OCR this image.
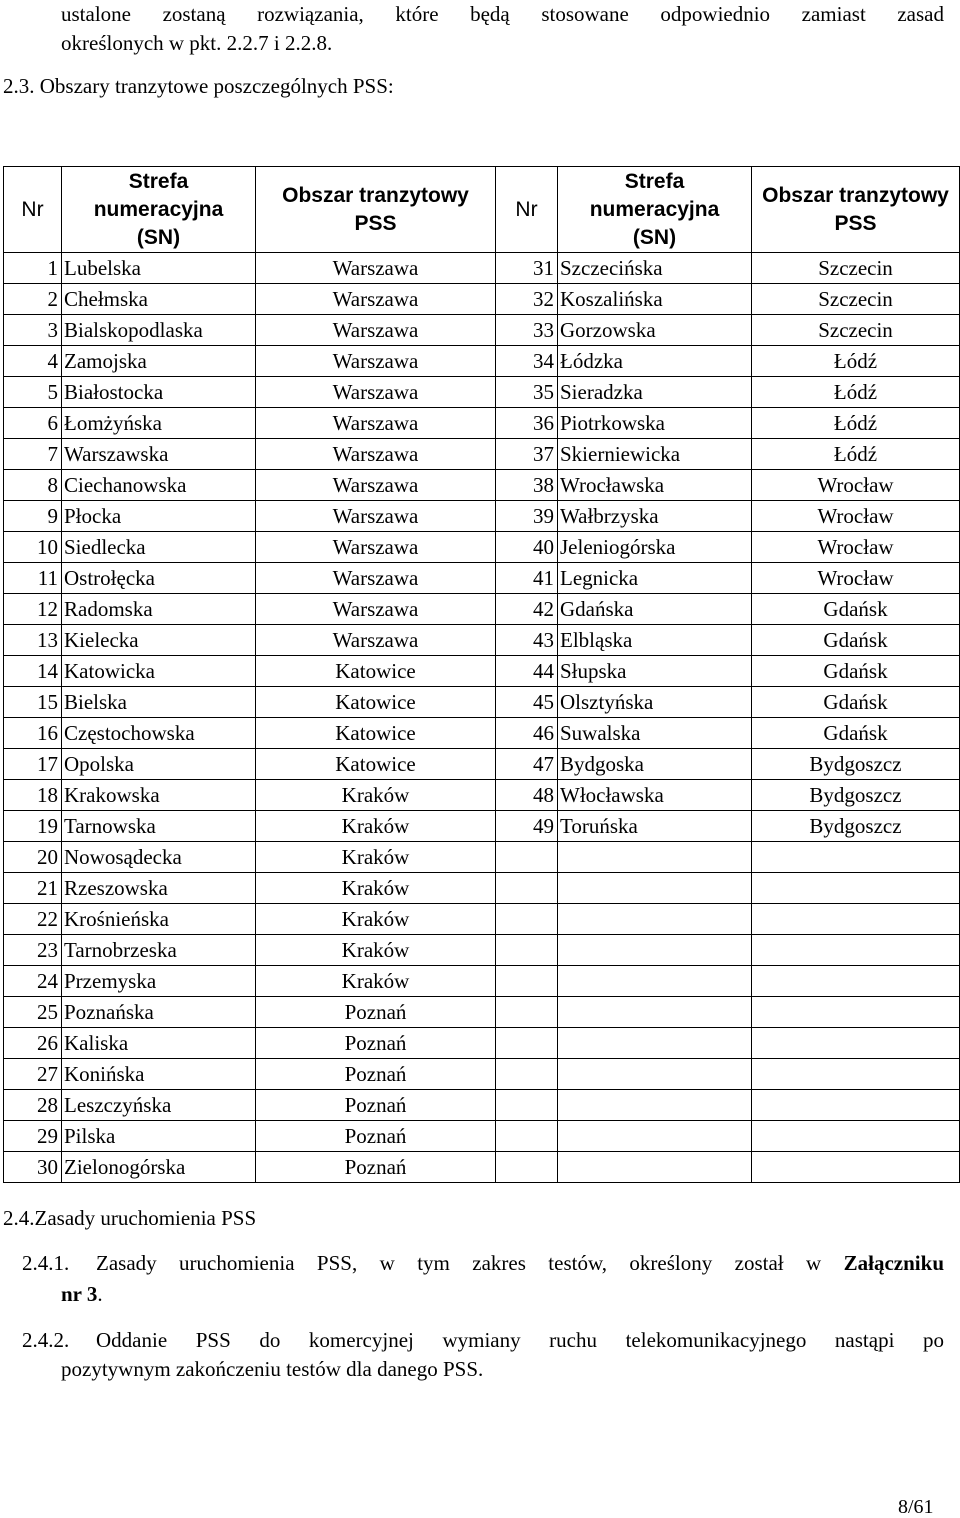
ustalone zostaną rozwiązania, które będą stosowane odpowiednio zamiast zasad
określonych w pkt. 2.2.7 i 2.2.8.
2.3. Obszary tranzytowe poszczególnych PSS:
Nr	Strefa
numeracyjna
(SN)	Obszar tranzytowy
PSS	Nr	Strefa
numeracyjna
(SN)	Obszar tranzytowy
PSS
1	Lubelska	Warszawa	31	Szczecińska	Szczecin
2	Chełmska	Warszawa	32	Koszalińska	Szczecin
3	Bialskopodlaska	Warszawa	33	Gorzowska	Szczecin
4	Zamojska	Warszawa	34	Łódzka	Łódź
5	Białostocka	Warszawa	35	Sieradzka	Łódź
6	Łomżyńska	Warszawa	36	Piotrkowska	Łódź
7	Warszawska	Warszawa	37	Skierniewicka	Łódź
8	Ciechanowska	Warszawa	38	Wrocławska	Wrocław
9	Płocka	Warszawa	39	Wałbrzyska	Wrocław
10	Siedlecka	Warszawa	40	Jeleniogórska	Wrocław
11	Ostrołęcka	Warszawa	41	Legnicka	Wrocław
12	Radomska	Warszawa	42	Gdańska	Gdańsk
13	Kielecka	Warszawa	43	Elbląska	Gdańsk
14	Katowicka	Katowice	44	Słupska	Gdańsk
15	Bielska	Katowice	45	Olsztyńska	Gdańsk
16	Częstochowska	Katowice	46	Suwalska	Gdańsk
17	Opolska	Katowice	47	Bydgoska	Bydgoszcz
18	Krakowska	Kraków	48	Włocławska	Bydgoszcz
19	Tarnowska	Kraków	49	Toruńska	Bydgoszcz
20	Nowosądecka	Kraków			
21	Rzeszowska	Kraków			
22	Krośnieńska	Kraków			
23	Tarnobrzeska	Kraków			
24	Przemyska	Kraków			
25	Poznańska	Poznań			
26	Kaliska	Poznań			
27	Konińska	Poznań			
28	Leszczyńska	Poznań			
29	Pilska	Poznań			
30	Zielonogórska	Poznań			
2.4.Zasady uruchomienia PSS
2.4.1. Zasady uruchomienia PSS, w tym zakres testów, określony został w Załączniku
nr 3.
2.4.2. Oddanie PSS do komercyjnej wymiany ruchu telekomunikacyjnego nastąpi po
pozytywnym zakończeniu testów dla danego PSS.
8/61
